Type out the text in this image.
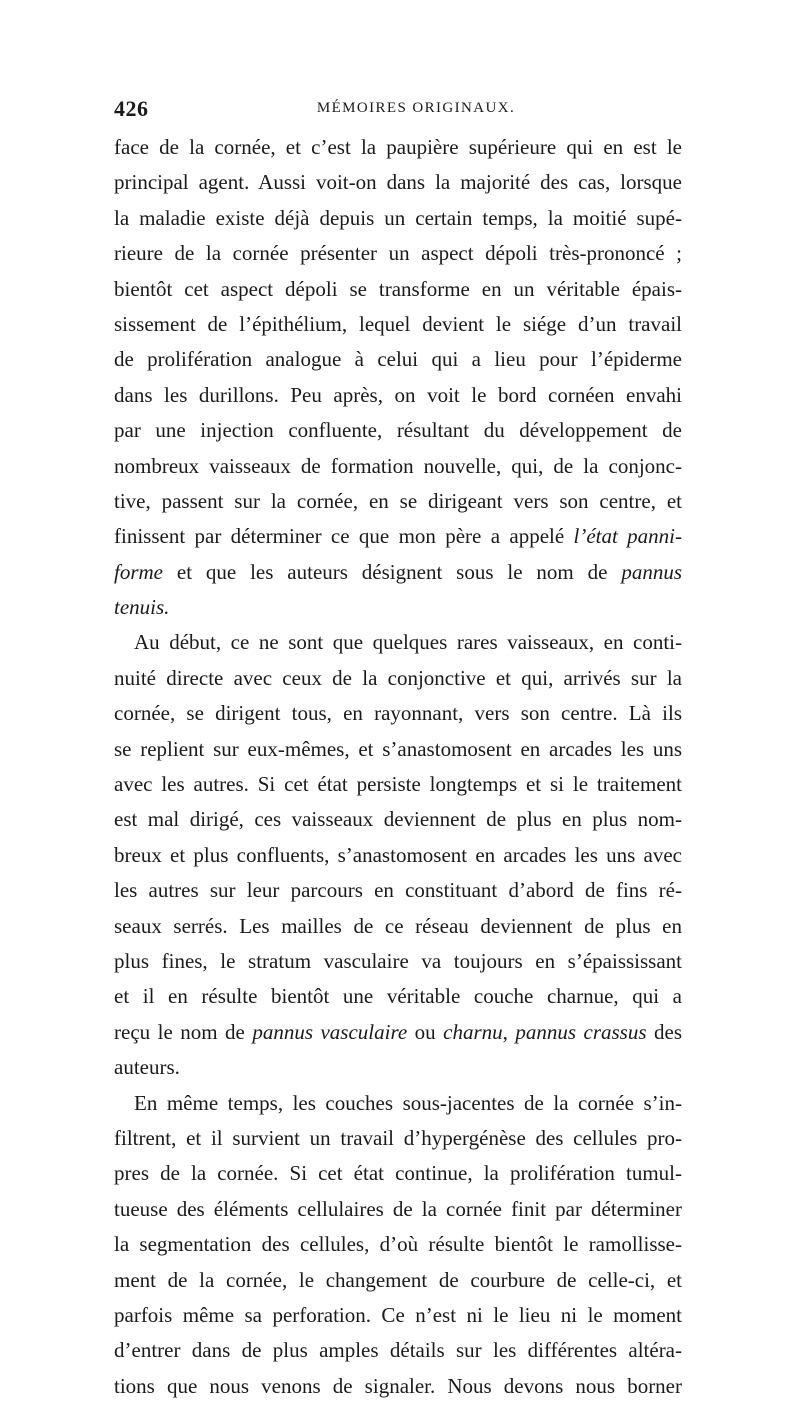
426	MÉMOIRES ORIGINAUX.
face de la cornée, et c’est la paupière supérieure qui en est le
principal agent. Aussi voit-on dans la majorité des cas, lorsque
la maladie existe déjà depuis un certain temps, la moitié supé-
rieure de la cornée présenter un aspect dépoli très-prononcé ;
bientôt cet aspect dépoli se transforme en un véritable épais-
sissement de l’épithélium, lequel devient le siége d’un travail
de prolifération analogue à celui qui a lieu pour l’épiderme
dans les durillons. Peu après, on voit le bord cornéen envahi
par une injection confluente, résultant du développement de
nombreux vaisseaux de formation nouvelle, qui, de la conjonc-
tive, passent sur la cornée, en se dirigeant vers son centre, et
finissent par déterminer ce que mon père a appelé l’état panni-
forme et que les auteurs désignent sous le nom de pannus
tenuis.
Au début, ce ne sont que quelques rares vaisseaux, en conti-
nuité directe avec ceux de la conjonctive et qui, arrivés sur la
cornée, se dirigent tous, en rayonnant, vers son centre. Là ils
se replient sur eux-mêmes, et s’anastomosent en arcades les uns
avec les autres. Si cet état persiste longtemps et si le traitement
est mal dirigé, ces vaisseaux deviennent de plus en plus nom-
breux et plus confluents, s’anastomosent en arcades les uns avec
les autres sur leur parcours en constituant d’abord de fins ré-
seaux serrés. Les mailles de ce réseau deviennent de plus en
plus fines, le stratum vasculaire va toujours en s’épaississant
et il en résulte bientôt une véritable couche charnue, qui a
reçu le nom de pannus vasculaire ou charnu, pannus crassus des
auteurs.
En même temps, les couches sous-jacentes de la cornée s’in-
filtrent, et il survient un travail d’hypergénèse des cellules pro-
pres de la cornée. Si cet état continue, la prolifération tumul-
tueuse des éléments cellulaires de la cornée finit par déterminer
la segmentation des cellules, d’où résulte bientôt le ramollisse-
ment de la cornée, le changement de courbure de celle-ci, et
parfois même sa perforation. Ce n’est ni le lieu ni le moment
d’entrer dans de plus amples détails sur les différentes altéra-
tions que nous venons de signaler. Nous devons nous borner
